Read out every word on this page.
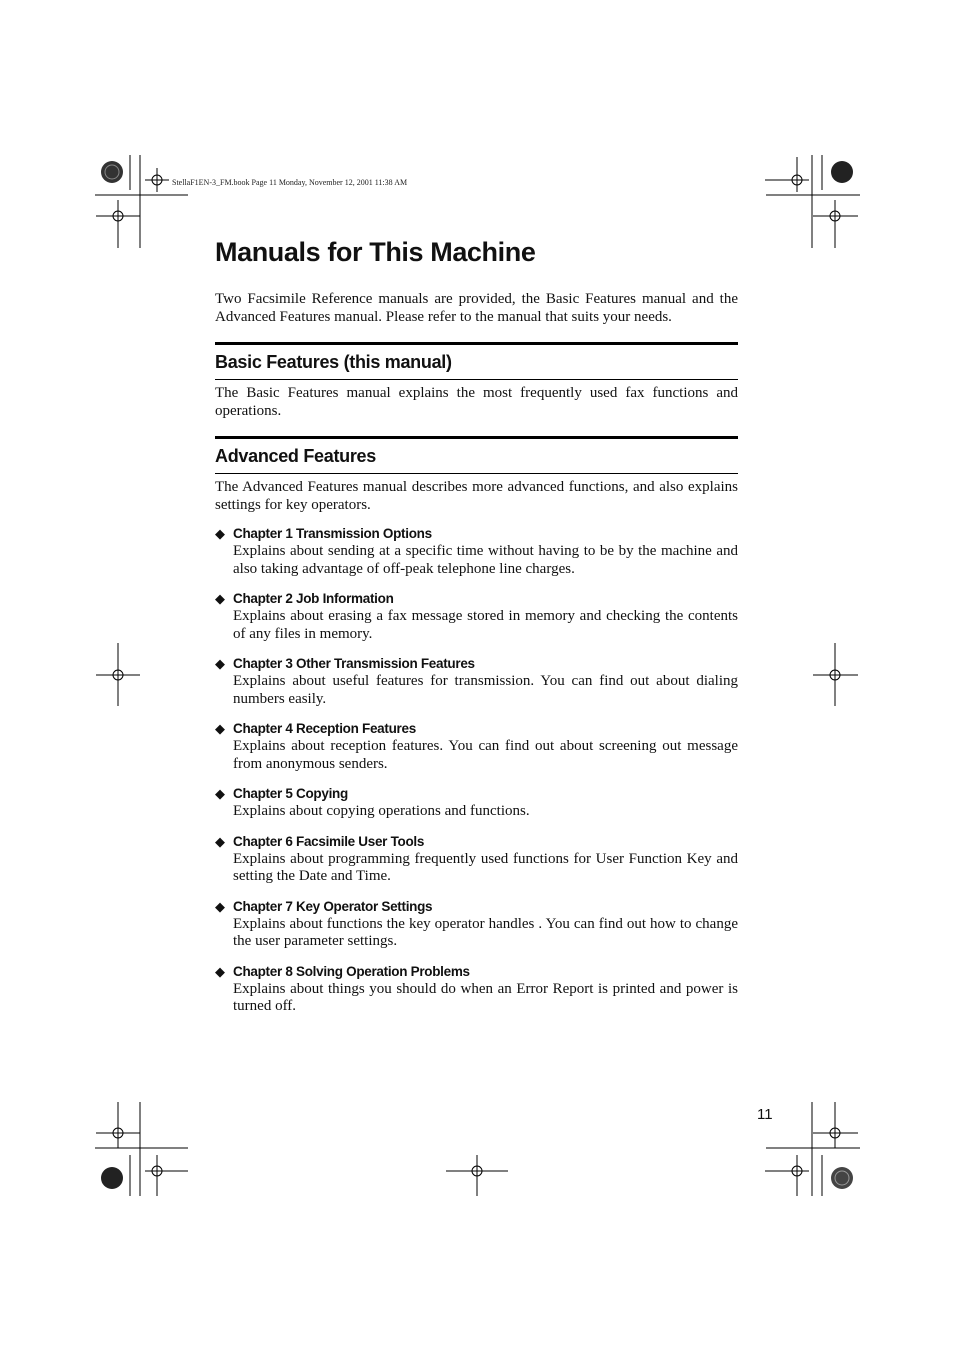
StellaF1EN-3_FM.book Page 11 Monday, November 12, 2001 11:38 AM
Manuals for This Machine

Two Facsimile Reference manuals are provided, the Basic Features manual and the Advanced Features manual. Please refer to the manual that suits your needs.

Basic Features (this manual)

The Basic Features manual explains the most frequently used fax functions and operations.

Advanced Features

The Advanced Features manual describes more advanced functions, and also explains settings for key operators.

◆ Chapter 1 Transmission Options

Explains about sending at a specific time without having to be by the machine and also taking advantage of off-peak telephone line charges.

◆ Chapter 2 Job Information

Explains about erasing a fax message stored in memory and checking the contents of any files in memory.

◆ Chapter 3 Other Transmission Features

Explains about useful features for transmission. You can find out about dialing numbers easily.

◆ Chapter 4 Reception Features

Explains about reception features. You can find out about screening out message from anonymous senders.

◆ Chapter 5 Copying

Explains about copying operations and functions.

◆ Chapter 6 Facsimile User Tools

Explains about programming frequently used functions for User Function Key and setting the Date and Time.

◆ Chapter 7 Key Operator Settings

Explains about functions the key operator handles . You can find out how to change the user parameter settings.

◆ Chapter 8 Solving Operation Problems

Explains about things you should do when an Error Report is printed and power is turned off.

11
